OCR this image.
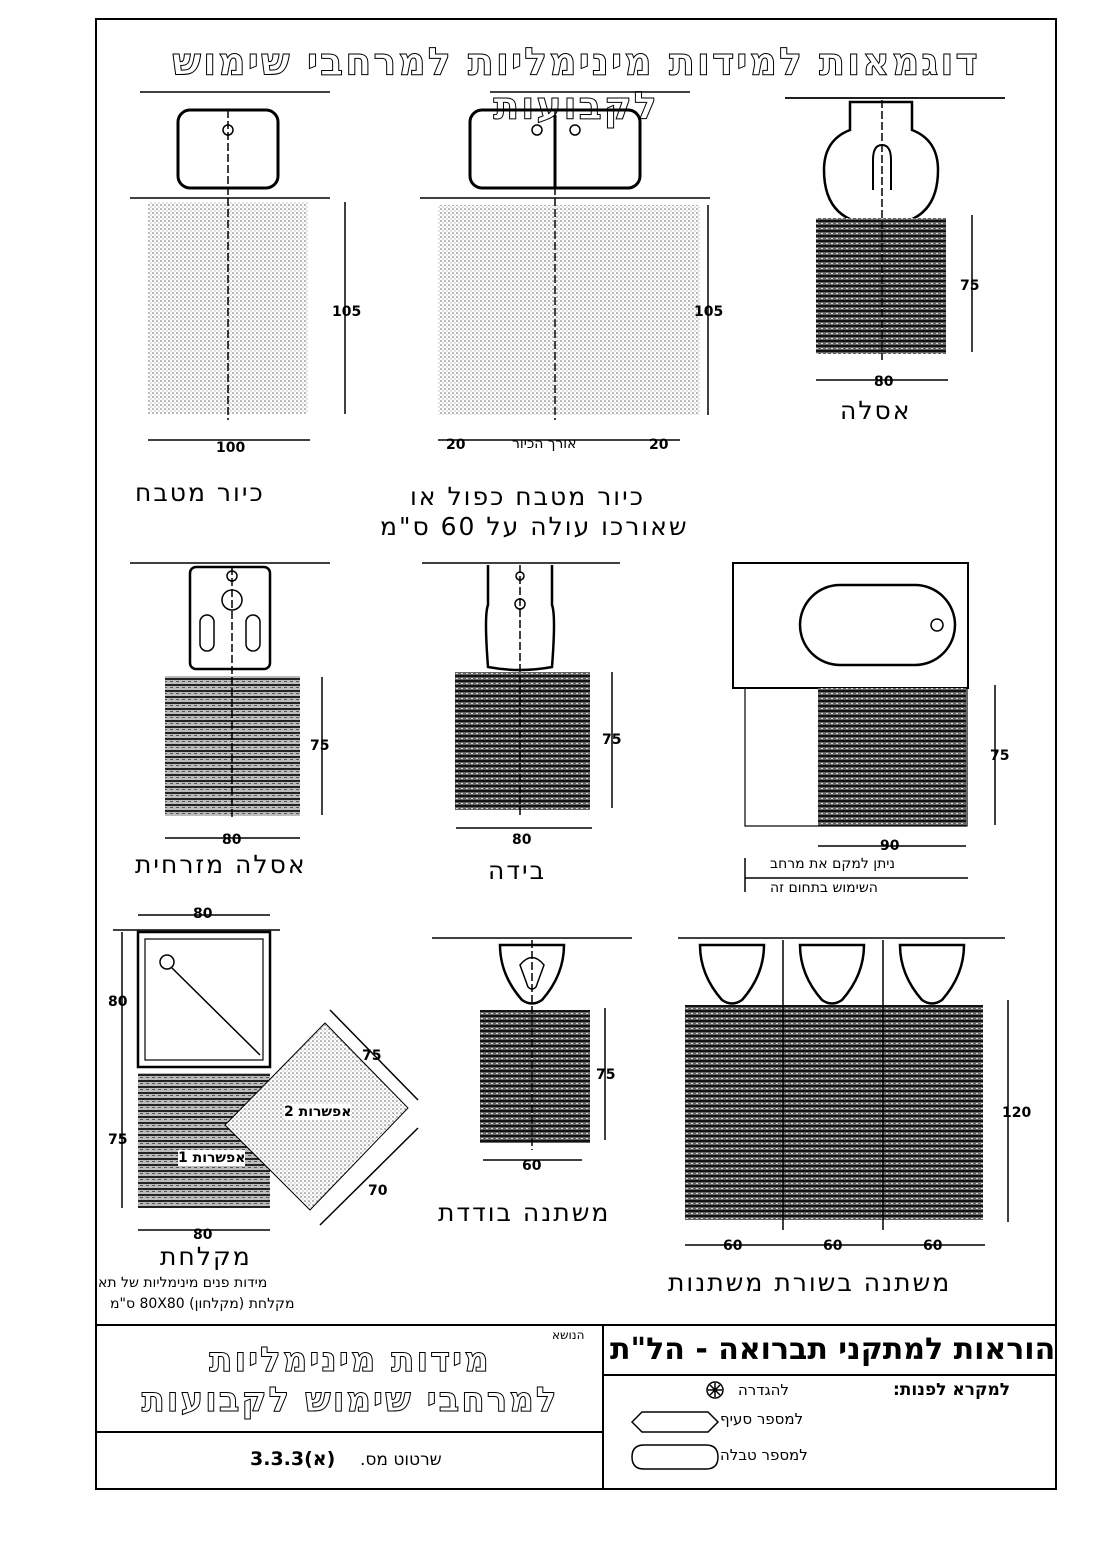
דוגמאות למידות מינימליות למרחבי שימוש לקבועות
100
105
כיור מטבח
105
20	20
אורך הכיור
כיור מטבח כפול או
שאורכו עולה על 60 ס"מ
75
80
אסלה
75
80
אסלה מזרחית
75
80
בידה
75
90
ניתן למקם את מרחב
השימוש בתחום זה
80
80
75
80
75
70
אפשרות 1
אפשרות 2
מקלחת
מידות פנים מינימליות של תא
מקלחת (מקלחון) 80X80 ס"מ
75
60
משתנה בודדת
120
60	60	60
משתנה בשורת משתנות
הנושא
מידות מינימליות
למרחבי שימוש לקבועות
שרטוט מס.
3.3.3(א)
הוראות למתקני תברואה - הל"ת
למקרא לפנות:
להגדרה
למספר סעיף
למספר טבלה
